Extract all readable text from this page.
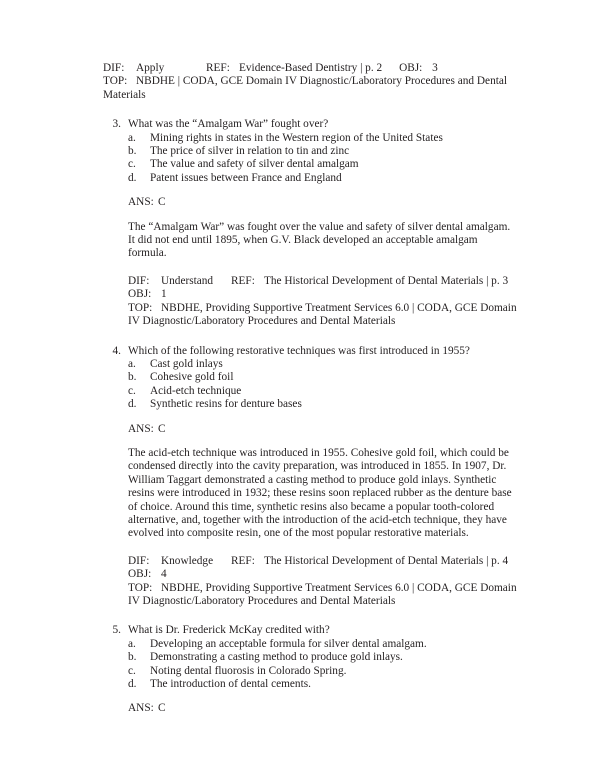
DIF: Apply	REF: Evidence-Based Dentistry | p. 2 OBJ: 3
TOP: NBDHE | CODA, GCE Domain IV Diagnostic/Laboratory Procedures and Dental Materials
3. What was the “Amalgam War” fought over?

a. Mining rights in states in the Western region of the United States
b. The price of silver in relation to tin and zinc
c. The value and safety of silver dental amalgam
d. Patent issues between France and England
ANS: C

The “Amalgam War” was fought over the value and safety of silver dental amalgam. It did not end until 1895, when G.V. Black developed an acceptable amalgam formula.

DIF: Understand REF: The Historical Development of Dental Materials | p. 3
OBJ: 1
TOP: NBDHE, Providing Supportive Treatment Services 6.0 | CODA, GCE Domain IV Diagnostic/Laboratory Procedures and Dental Materials
4. Which of the following restorative techniques was first introduced in 1955?

a. Cast gold inlays
b. Cohesive gold foil
c. Acid-etch technique
d. Synthetic resins for denture bases
ANS: C

The acid-etch technique was introduced in 1955. Cohesive gold foil, which could be condensed directly into the cavity preparation, was introduced in 1855. In 1907, Dr. William Taggart demonstrated a casting method to produce gold inlays. Synthetic resins were introduced in 1932; these resins soon replaced rubber as the denture base of choice. Around this time, synthetic resins also became a popular tooth-colored alternative, and, together with the introduction of the acid-etch technique, they have evolved into composite resin, one of the most popular restorative materials.

DIF: Knowledge REF: The Historical Development of Dental Materials | p. 4
OBJ: 4
TOP: NBDHE, Providing Supportive Treatment Services 6.0 | CODA, GCE Domain IV Diagnostic/Laboratory Procedures and Dental Materials
5. What is Dr. Frederick McKay credited with?

a. Developing an acceptable formula for silver dental amalgam.
b. Demonstrating a casting method to produce gold inlays.
c. Noting dental fluorosis in Colorado Spring.
d. The introduction of dental cements.
ANS: C
